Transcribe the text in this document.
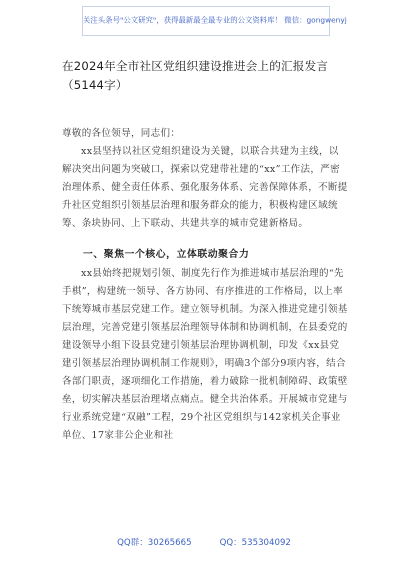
关注头条号"公文研究"，获得最新最全最专业的公文资料库！ 微信：gongwenyj
在2024年全市社区党组织建设推进会上的汇报发言（5144字）
尊敬的各位领导，同志们：
xx县坚持以社区党组织建设为关键，以联合共建为主线，以解决突出问题为突破口，探索以党建带社建的“xx”工作法，严密治理体系、健全责任体系、强化服务体系、完善保障体系，不断提升社区党组织引领基层治理和服务群众的能力，积极构建区域统筹、条块协同、上下联动、共建共享的城市党建新格局。
一、聚焦一个核心，立体联动聚合力
xx县始终把规划引领、制度先行作为推进城市基层治理的“先手棋”，构建统一领导、各方协同、有序推进的工作格局，以上率下统筹城市基层党建工作。建立领导机制。为深入推进党建引领基层治理，完善党建引领基层治理领导体制和协调机制，在县委党的建设领导小组下设县党建引领基层治理协调机制，印发《xx县党建引领基层治理协调机制工作规则》，明确3个部分9项内容，结合各部门职责，逐项细化工作措施，着力破除一批机制障碍、政策壁垒，切实解决基层治理堵点痛点。健全共治体系。开展城市党建与行业系统党建“双融”工程，29个社区党组织与142家机关企事业单位、17家非公企业和社
QQ群：30265665	QQ：535304092
